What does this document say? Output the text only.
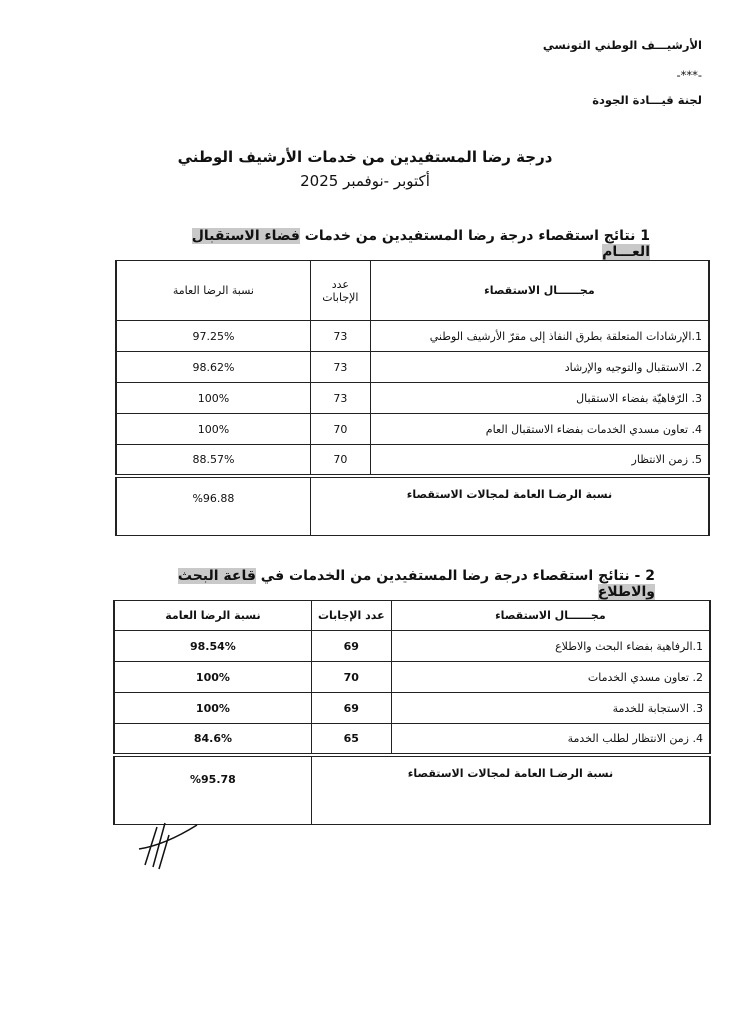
الأرشيـــف الوطني التونسي
-***-
لجنة قيـــادة الجودة
درجة رضا المستفيدين من خدمات الأرشيف الوطني
أكتوبر -نوفمبر 2025
1 نتائج استقصاء درجة رضا المستفيدين من خدمات فضاء الاستقبال العـــام
مجــــــال الاستقصاء	عدد الإجابات	نسبة الرضا العامة
1.الإرشادات المتعلقة بطرق النفاذ إلى مقرّ الأرشيف الوطني	73	97.25%
2. الاستقبال والتوجيه والإرشاد	73	98.62%
3. الرّفاهيّة بفضاء الاستقبال	73	100%
4. تعاون مسدي الخدمات بفضاء الاستقبال العام	70	100%
5. زمن الانتظار	70	88.57%
نسبة الرضـا العامة لمجالات الاستقصاء		%96.88
2 - نتائج استقصاء درجة رضا المستفيدين من الخدمات في قاعة البحث والاطلاع
مجــــــال الاستقصاء	عدد الإجابات	نسبة الرضا العامة
1.الرفاهية بفضاء البحث والاطلاع	69	98.54%
2. تعاون مسدي الخدمات	70	100%
3. الاستجابة للخدمة	69	100%
4. زمن الانتظار لطلب الخدمة	65	84.6%
نسبة الرضـا العامة لمجالات الاستقصاء		%95.78
